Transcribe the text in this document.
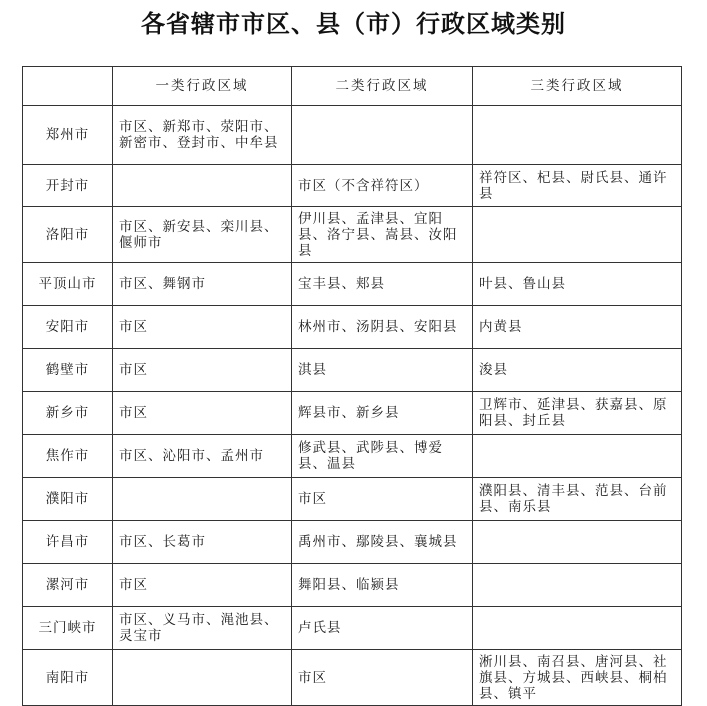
各省辖市市区、县（市）行政区域类别
	一类行政区域	二类行政区域	三类行政区域
郑州市	市区、新郑市、荥阳市、新密市、登封市、中牟县		
开封市		市区（不含祥符区）	祥符区、杞县、尉氏县、通许县
洛阳市	市区、新安县、栾川县、偃师市	伊川县、孟津县、宜阳县、洛宁县、嵩县、汝阳县	
平顶山市	市区、舞钢市	宝丰县、郏县	叶县、鲁山县
安阳市	市区	林州市、汤阴县、安阳县	内黄县
鹤壁市	市区	淇县	浚县
新乡市	市区	辉县市、新乡县	卫辉市、延津县、获嘉县、原阳县、封丘县
焦作市	市区、沁阳市、孟州市	修武县、武陟县、博爱县、温县	
濮阳市		市区	濮阳县、清丰县、范县、台前县、南乐县
许昌市	市区、长葛市	禹州市、鄢陵县、襄城县	
漯河市	市区	舞阳县、临颍县	
三门峡市	市区、义马市、渑池县、灵宝市	卢氏县	
南阳市		市区	淅川县、南召县、唐河县、社旗县、方城县、西峡县、桐柏县、镇平
